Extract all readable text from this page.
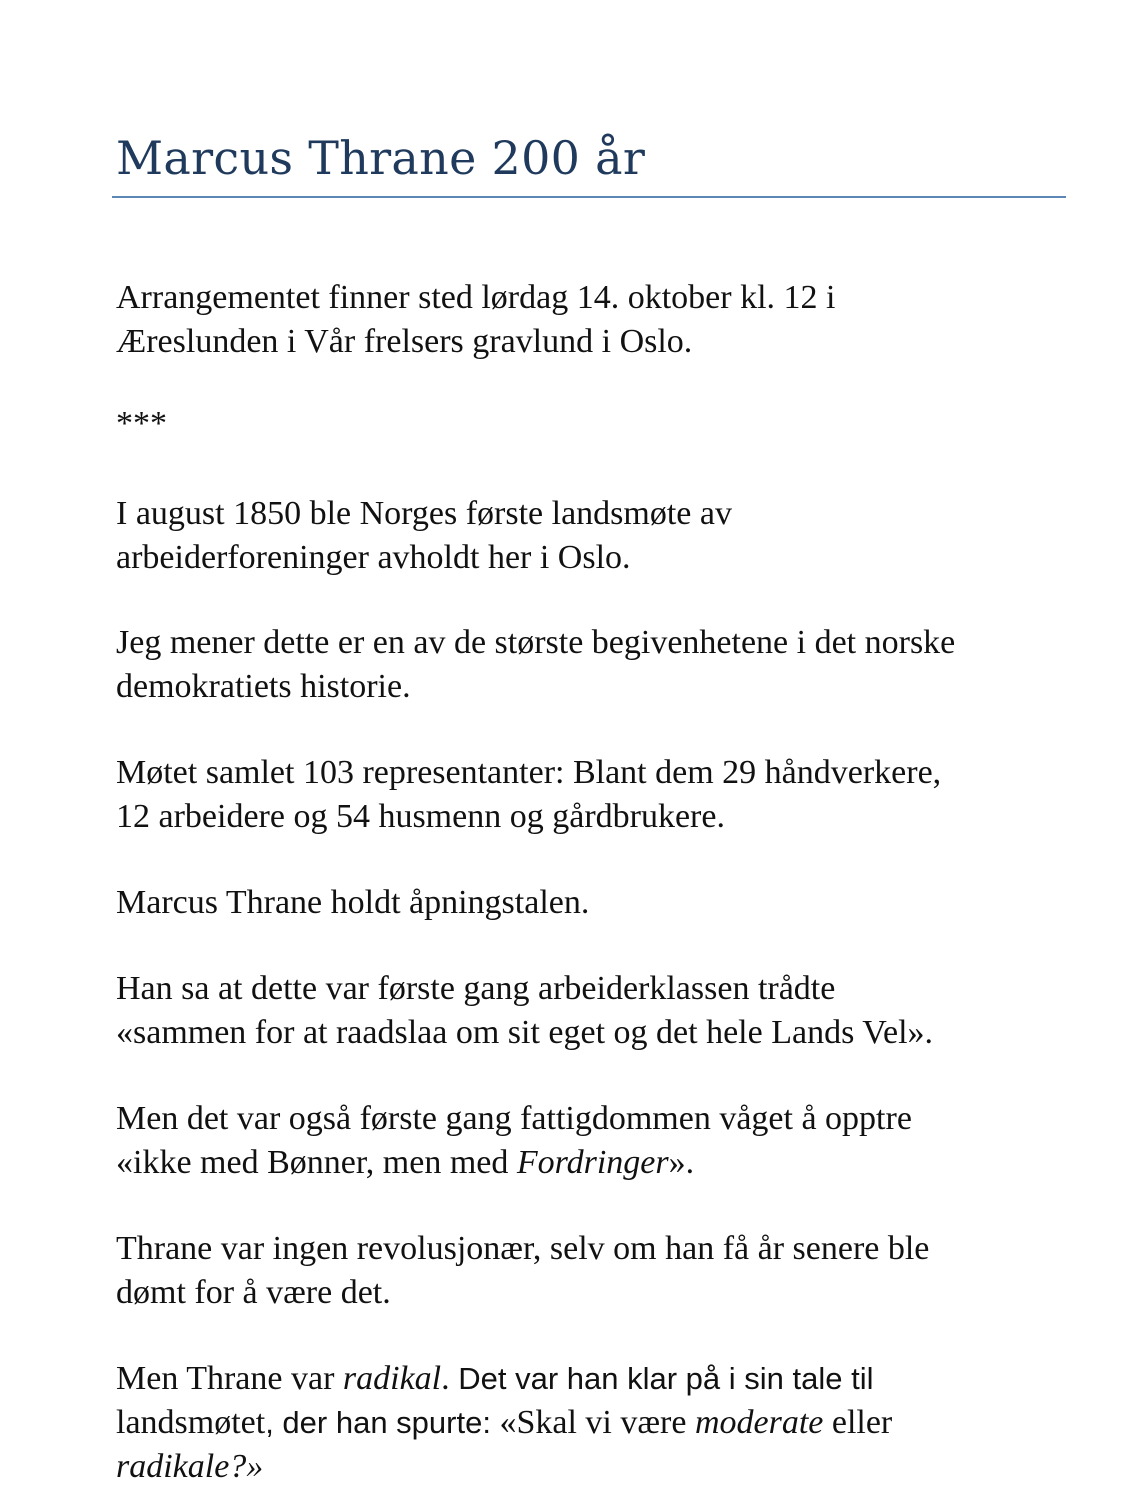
Marcus Thrane 200 år

Arrangementet finner sted lørdag 14. oktober kl. 12 i
Æreslunden i Vår frelsers gravlund i Oslo.

***

I august 1850 ble Norges første landsmøte av
arbeiderforeninger avholdt her i Oslo.

Jeg mener dette er en av de største begivenhetene i det norske
demokratiets historie.

Møtet samlet 103 representanter: Blant dem 29 håndverkere,
12 arbeidere og 54 husmenn og gårdbrukere.

Marcus Thrane holdt åpningstalen.

Han sa at dette var første gang arbeiderklassen trådte
«sammen for at raadslaa om sit eget og det hele Lands Vel».

Men det var også første gang fattigdommen våget å opptre
«ikke med Bønner, men med Fordringer».

Thrane var ingen revolusjonær, selv om han få år senere ble
dømt for å være det.

Men Thrane var radikal. Det var han klar på i sin tale til
landsmøtet, der han spurte: «Skal vi være moderate eller
radikale?»
